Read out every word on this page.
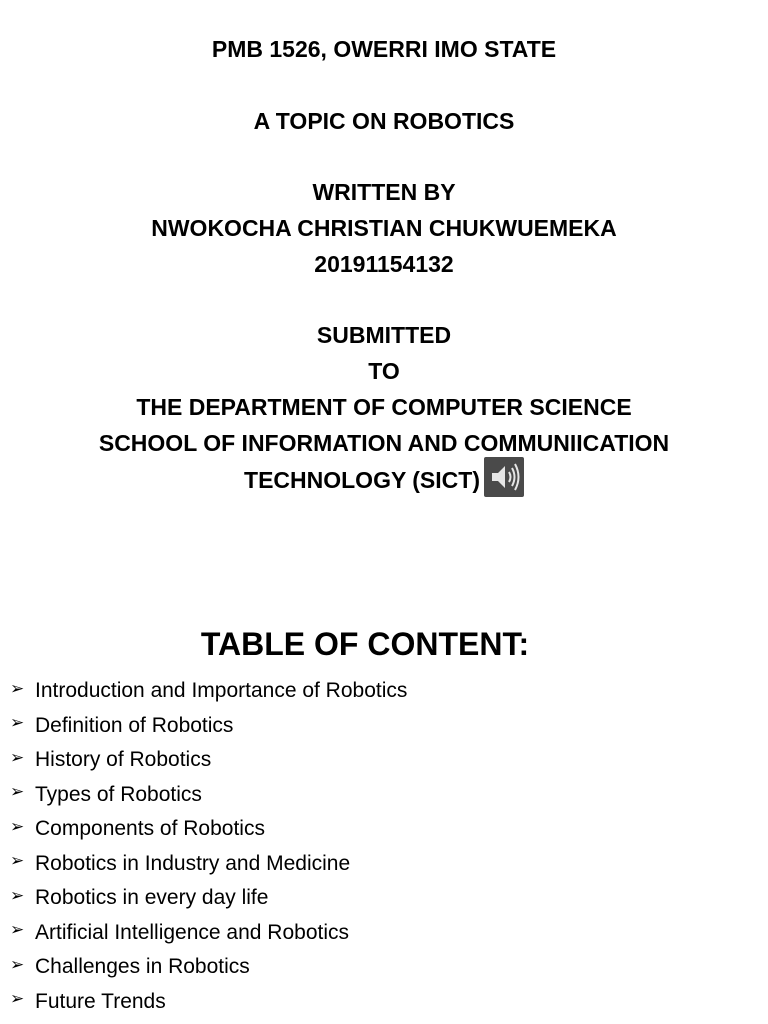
PMB 1526, OWERRI IMO STATE
A TOPIC ON ROBOTICS
WRITTEN BY
NWOKOCHA CHRISTIAN CHUKWUEMEKA
20191154132
SUBMITTED
TO
THE DEPARTMENT OF COMPUTER SCIENCE
SCHOOL OF INFORMATION AND COMMUNIICATION
TECHNOLOGY (SICT)
TABLE OF CONTENT:
➢ Introduction and Importance of Robotics
➢ Definition of Robotics
➢ History of Robotics
➢ Types of Robotics
➢ Components of Robotics
➢ Robotics in Industry and Medicine
➢ Robotics in every day life
➢ Artificial Intelligence and Robotics
➢ Challenges in Robotics
➢ Future Trends
